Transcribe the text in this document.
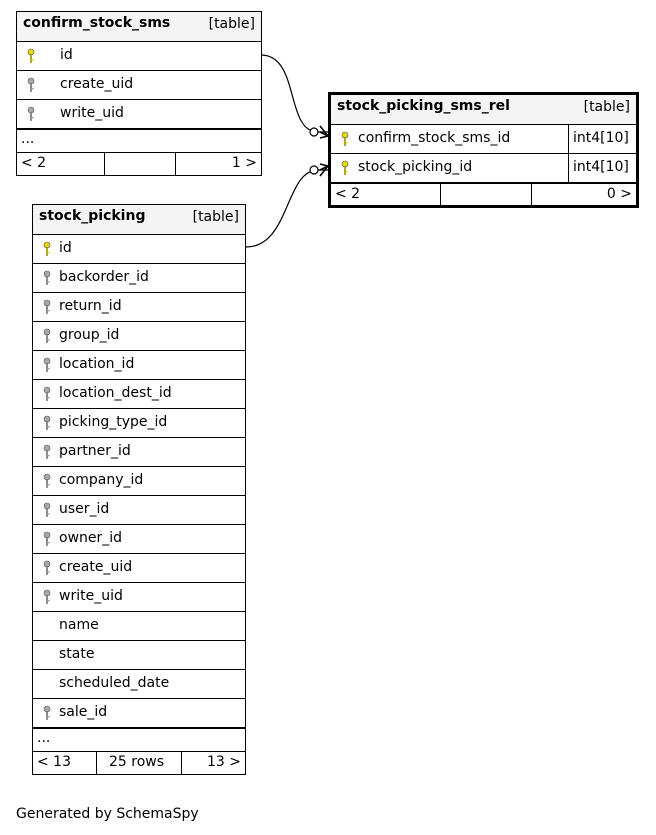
confirm_stock_sms	[table]
id
create_uid
write_uid
...
< 2	1 >
stock_picking_sms_rel	[table]
confirm_stock_sms_id	int4[10]
stock_picking_id	int4[10]
< 2	0 >
stock_picking	[table]
id
backorder_id
return_id
group_id
location_id
location_dest_id
picking_type_id
partner_id
company_id
user_id
owner_id
create_uid
write_uid
name
state
scheduled_date
sale_id
...
< 13	25 rows	13 >
Generated by SchemaSpy
